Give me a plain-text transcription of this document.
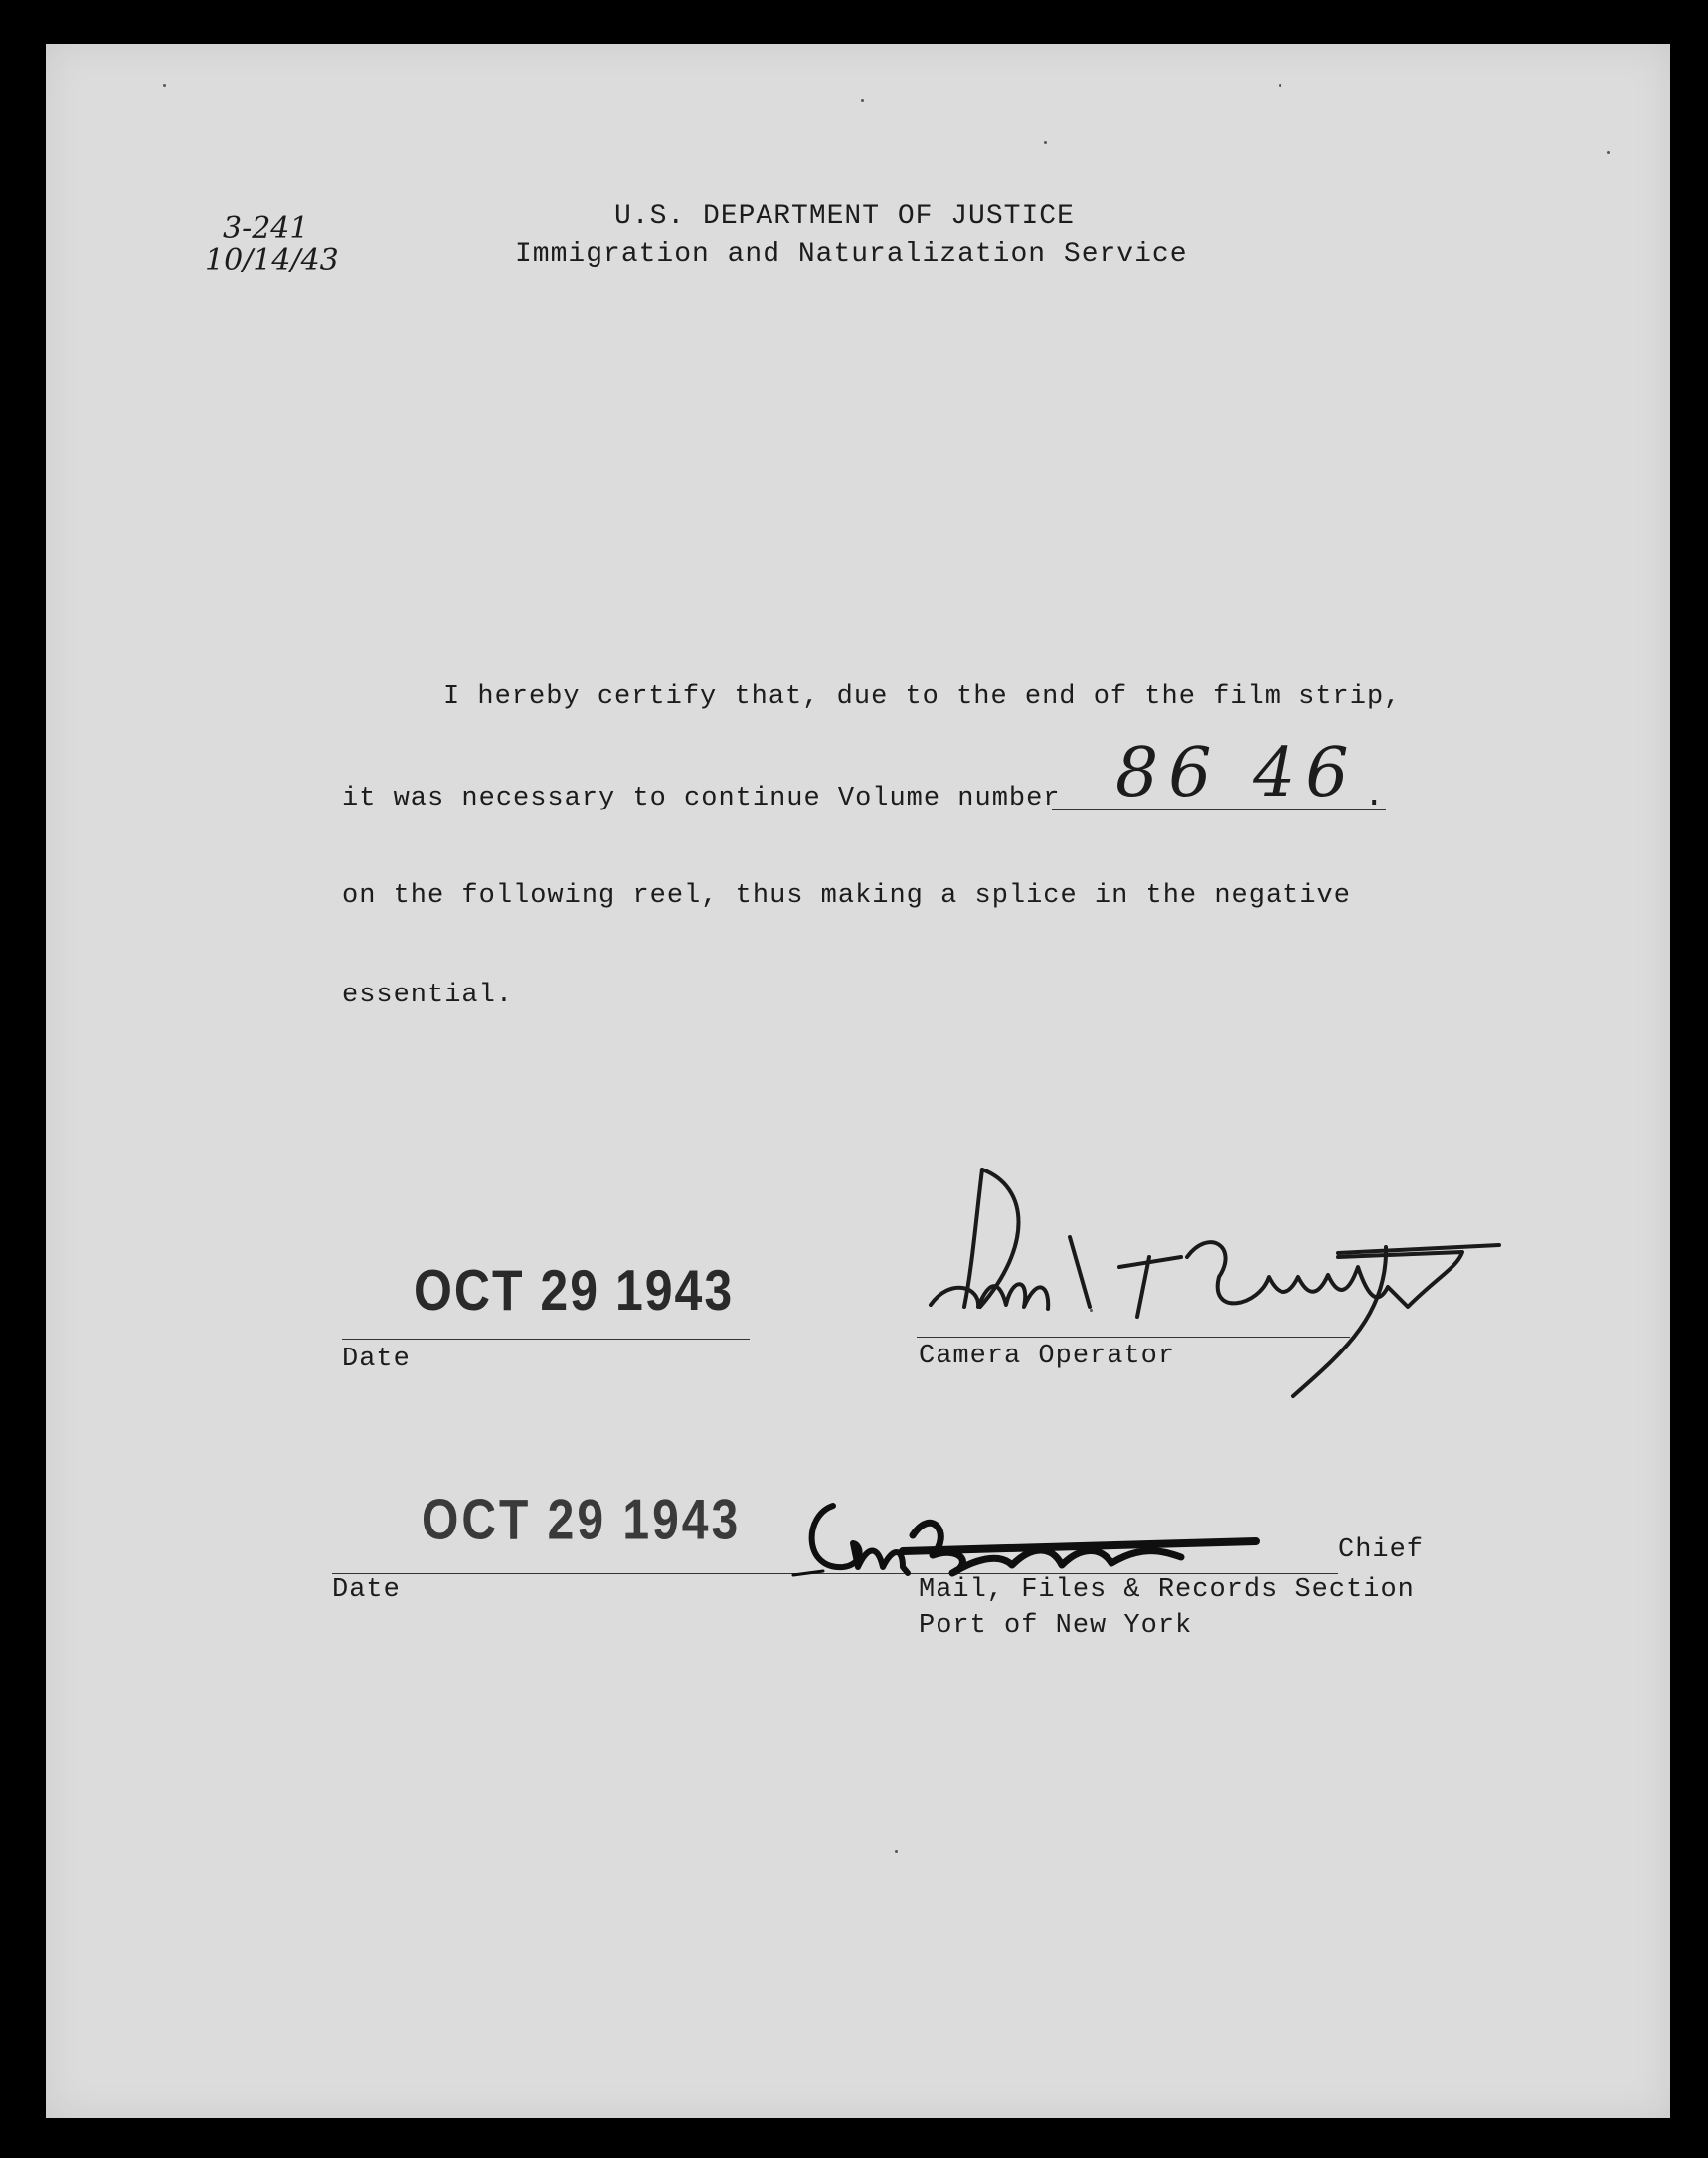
3-241
10/14/43
U.S. DEPARTMENT OF JUSTICE
Immigration and Naturalization Service
I hereby certify that, due to the end of the film strip,
it was necessary to continue Volume number 86 46 .
on the following reel, thus making a splice in the negative
essential.
OCT 29 1943
Date	Camera Operator
OCT 29 1943
Date
Chief
Mail, Files & Records Section
Port of New York
